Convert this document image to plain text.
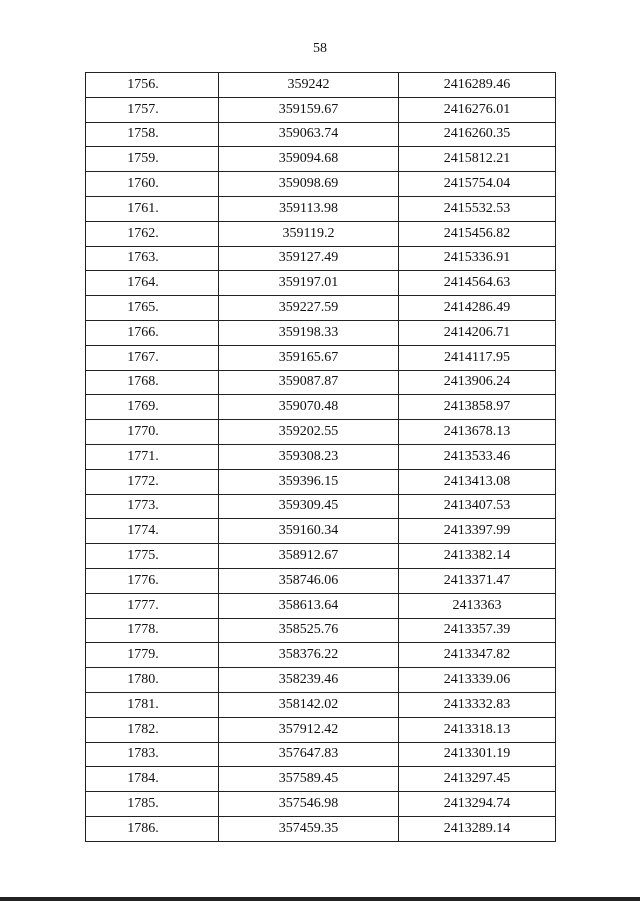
58
1756.	359242	2416289.46
1757.	359159.67	2416276.01
1758.	359063.74	2416260.35
1759.	359094.68	2415812.21
1760.	359098.69	2415754.04
1761.	359113.98	2415532.53
1762.	359119.2	2415456.82
1763.	359127.49	2415336.91
1764.	359197.01	2414564.63
1765.	359227.59	2414286.49
1766.	359198.33	2414206.71
1767.	359165.67	2414117.95
1768.	359087.87	2413906.24
1769.	359070.48	2413858.97
1770.	359202.55	2413678.13
1771.	359308.23	2413533.46
1772.	359396.15	2413413.08
1773.	359309.45	2413407.53
1774.	359160.34	2413397.99
1775.	358912.67	2413382.14
1776.	358746.06	2413371.47
1777.	358613.64	2413363
1778.	358525.76	2413357.39
1779.	358376.22	2413347.82
1780.	358239.46	2413339.06
1781.	358142.02	2413332.83
1782.	357912.42	2413318.13
1783.	357647.83	2413301.19
1784.	357589.45	2413297.45
1785.	357546.98	2413294.74
1786.	357459.35	2413289.14
